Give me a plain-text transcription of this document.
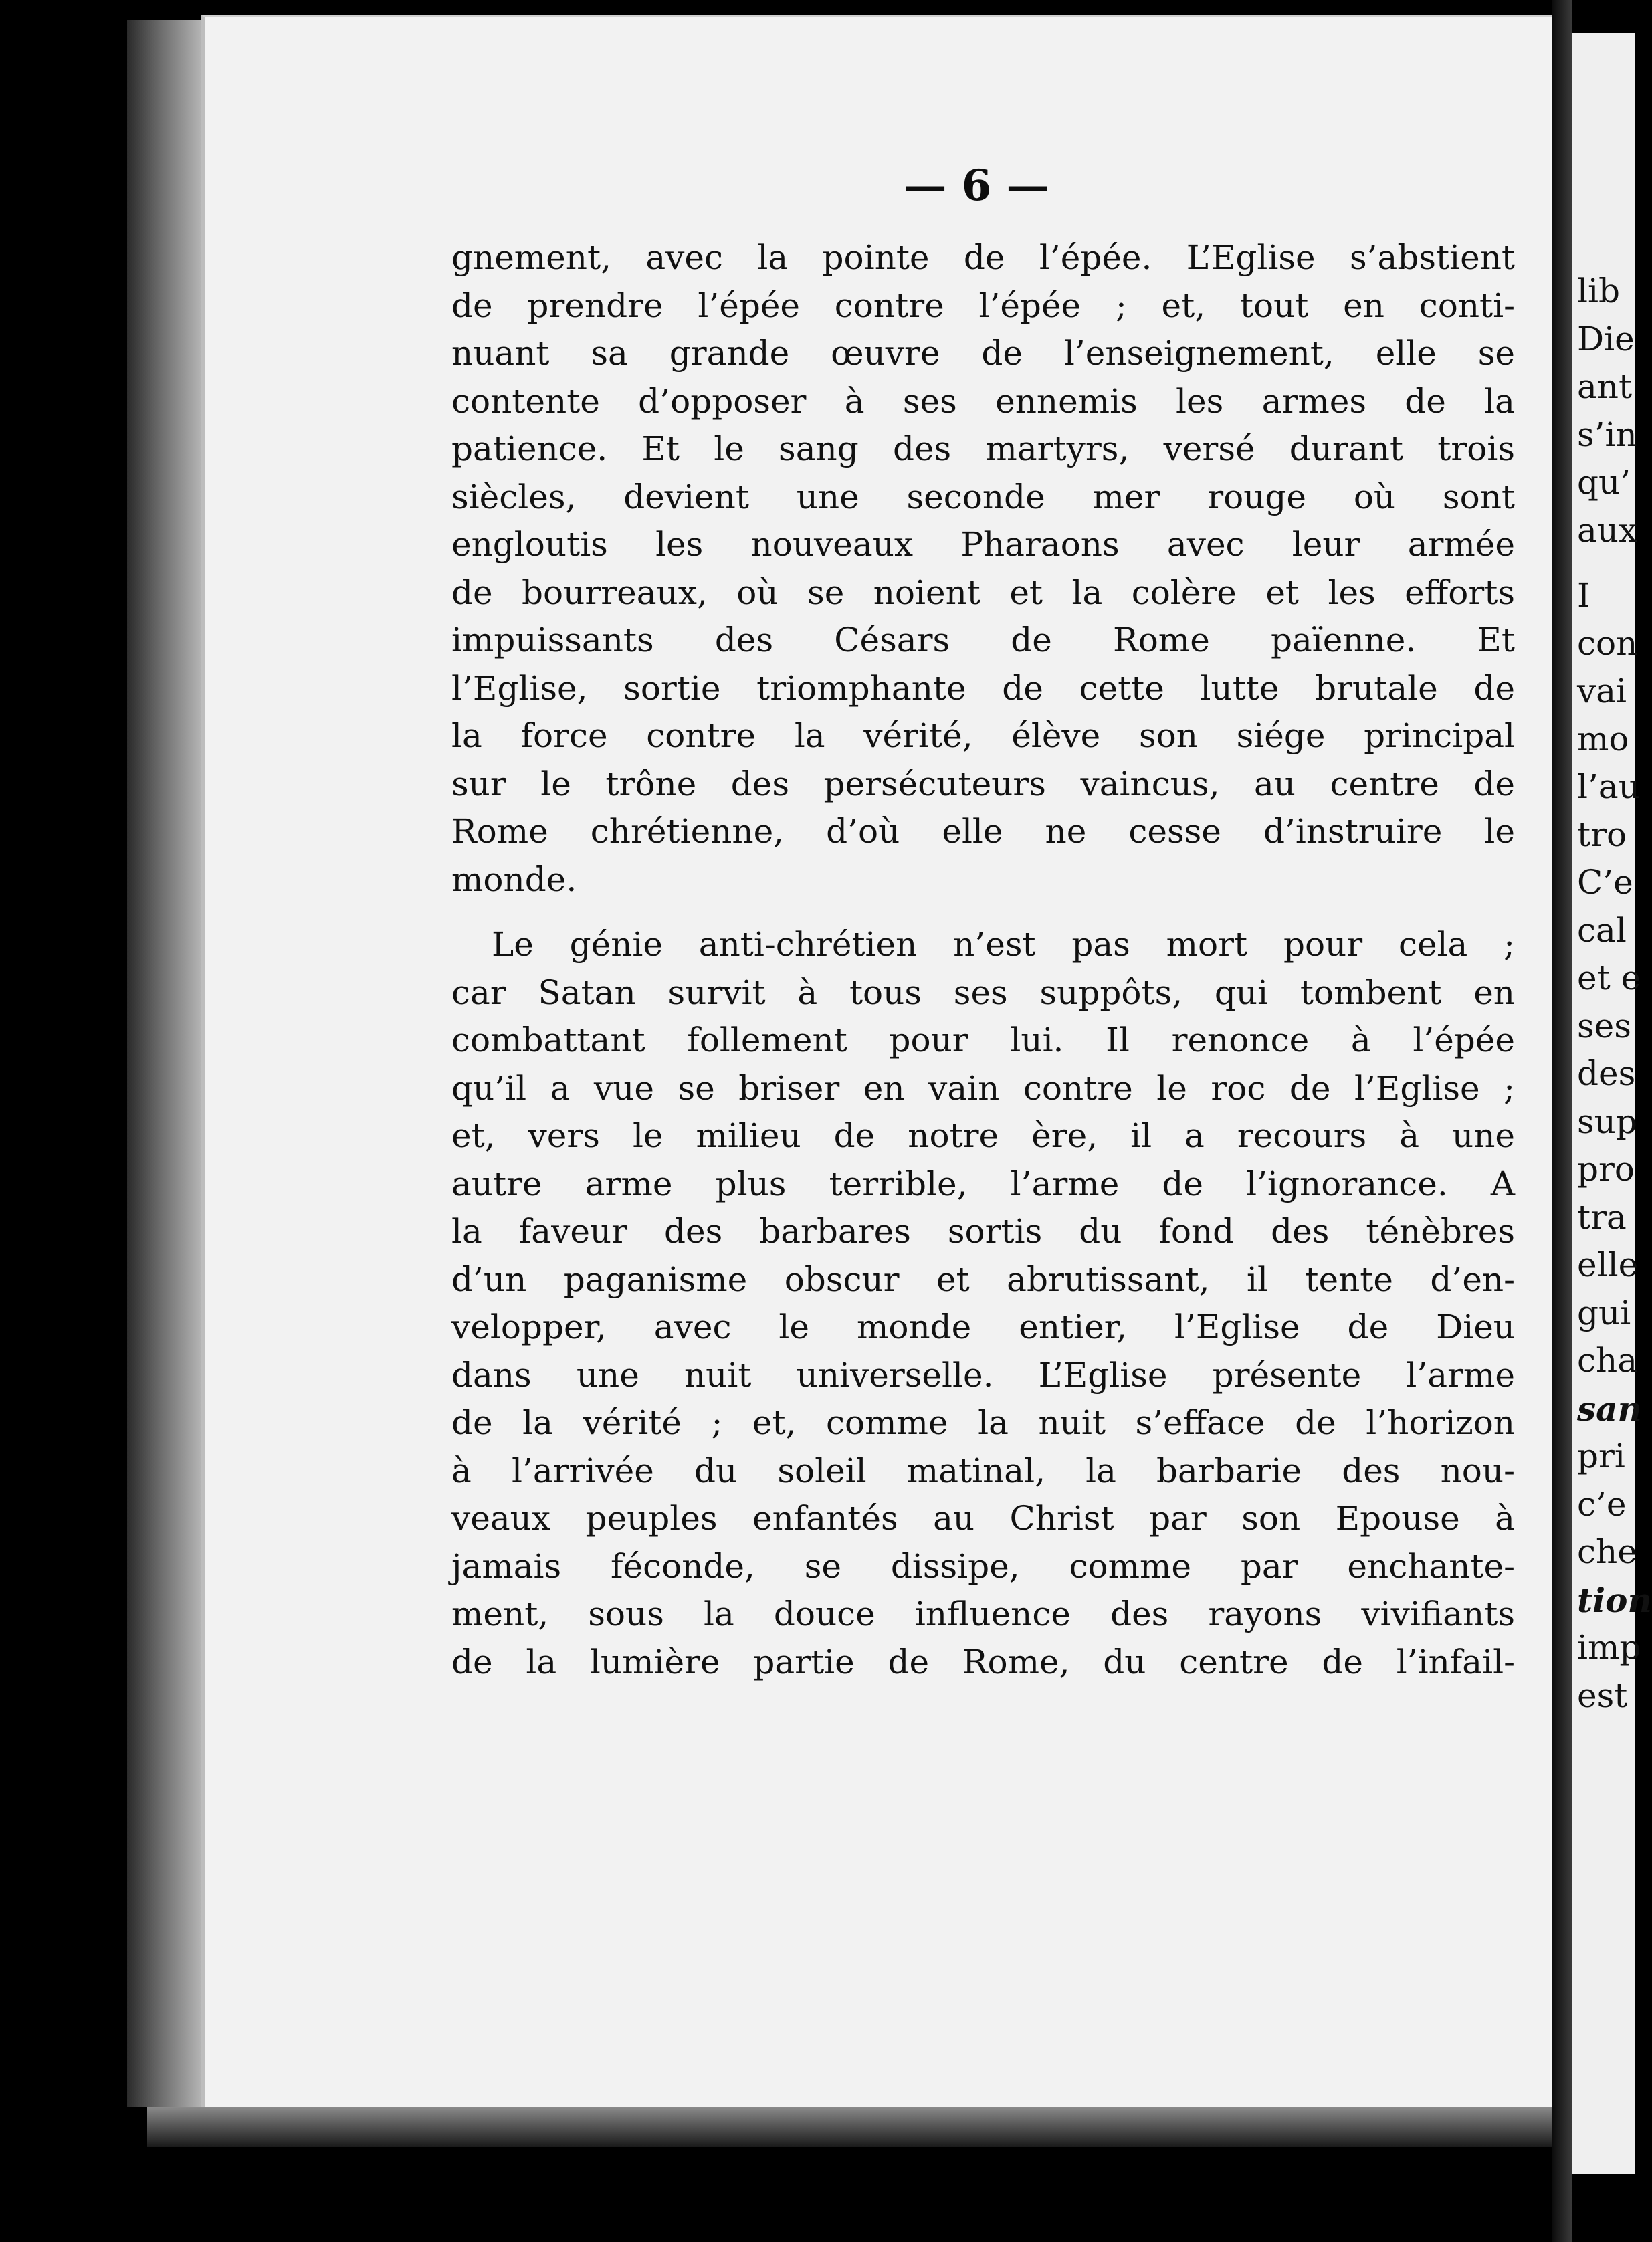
— 6 —
gnement, avec la pointe de l’épée. L’Eglise s’abstient
de prendre l’épée contre l’épée ; et, tout en conti-
nuant sa grande œuvre de l’enseignement, elle se
contente d’opposer à ses ennemis les armes de la
patience. Et le sang des martyrs, versé durant trois
siècles, devient une seconde mer rouge où sont
engloutis les nouveaux Pharaons avec leur armée
de bourreaux, où se noient et la colère et les efforts
impuissants des Césars de Rome païenne. Et
l’Eglise, sortie triomphante de cette lutte brutale de
la force contre la vérité, élève son siége principal
sur le trône des persécuteurs vaincus, au centre de
Rome chrétienne, d’où elle ne cesse d’instruire le
monde.
Le génie anti-chrétien n’est pas mort pour cela ;
car Satan survit à tous ses suppôts, qui tombent en
combattant follement pour lui. Il renonce à l’épée
qu’il a vue se briser en vain contre le roc de l’Eglise ;
et, vers le milieu de notre ère, il a recours à une
autre arme plus terrible, l’arme de l’ignorance. A
la faveur des barbares sortis du fond des ténèbres
d’un paganisme obscur et abrutissant, il tente d’en-
velopper, avec le monde entier, l’Eglise de Dieu
dans une nuit universelle. L’Eglise présente l’arme
de la vérité ; et, comme la nuit s’efface de l’horizon
à l’arrivée du soleil matinal, la barbarie des nou-
veaux peuples enfantés au Christ par son Epouse à
jamais féconde, se dissipe, comme par enchante-
ment, sous la douce influence des rayons vivifiants
de la lumière partie de Rome, du centre de l’infail-
lib
Die
ant
s’in
qu’
aux
I
con
vai
mo
l’au
tro
C’e
cal
et e
ses
des
sup
pro
tra
elle
gui
cha
san
pri
c’e
che
tion
imp
est
